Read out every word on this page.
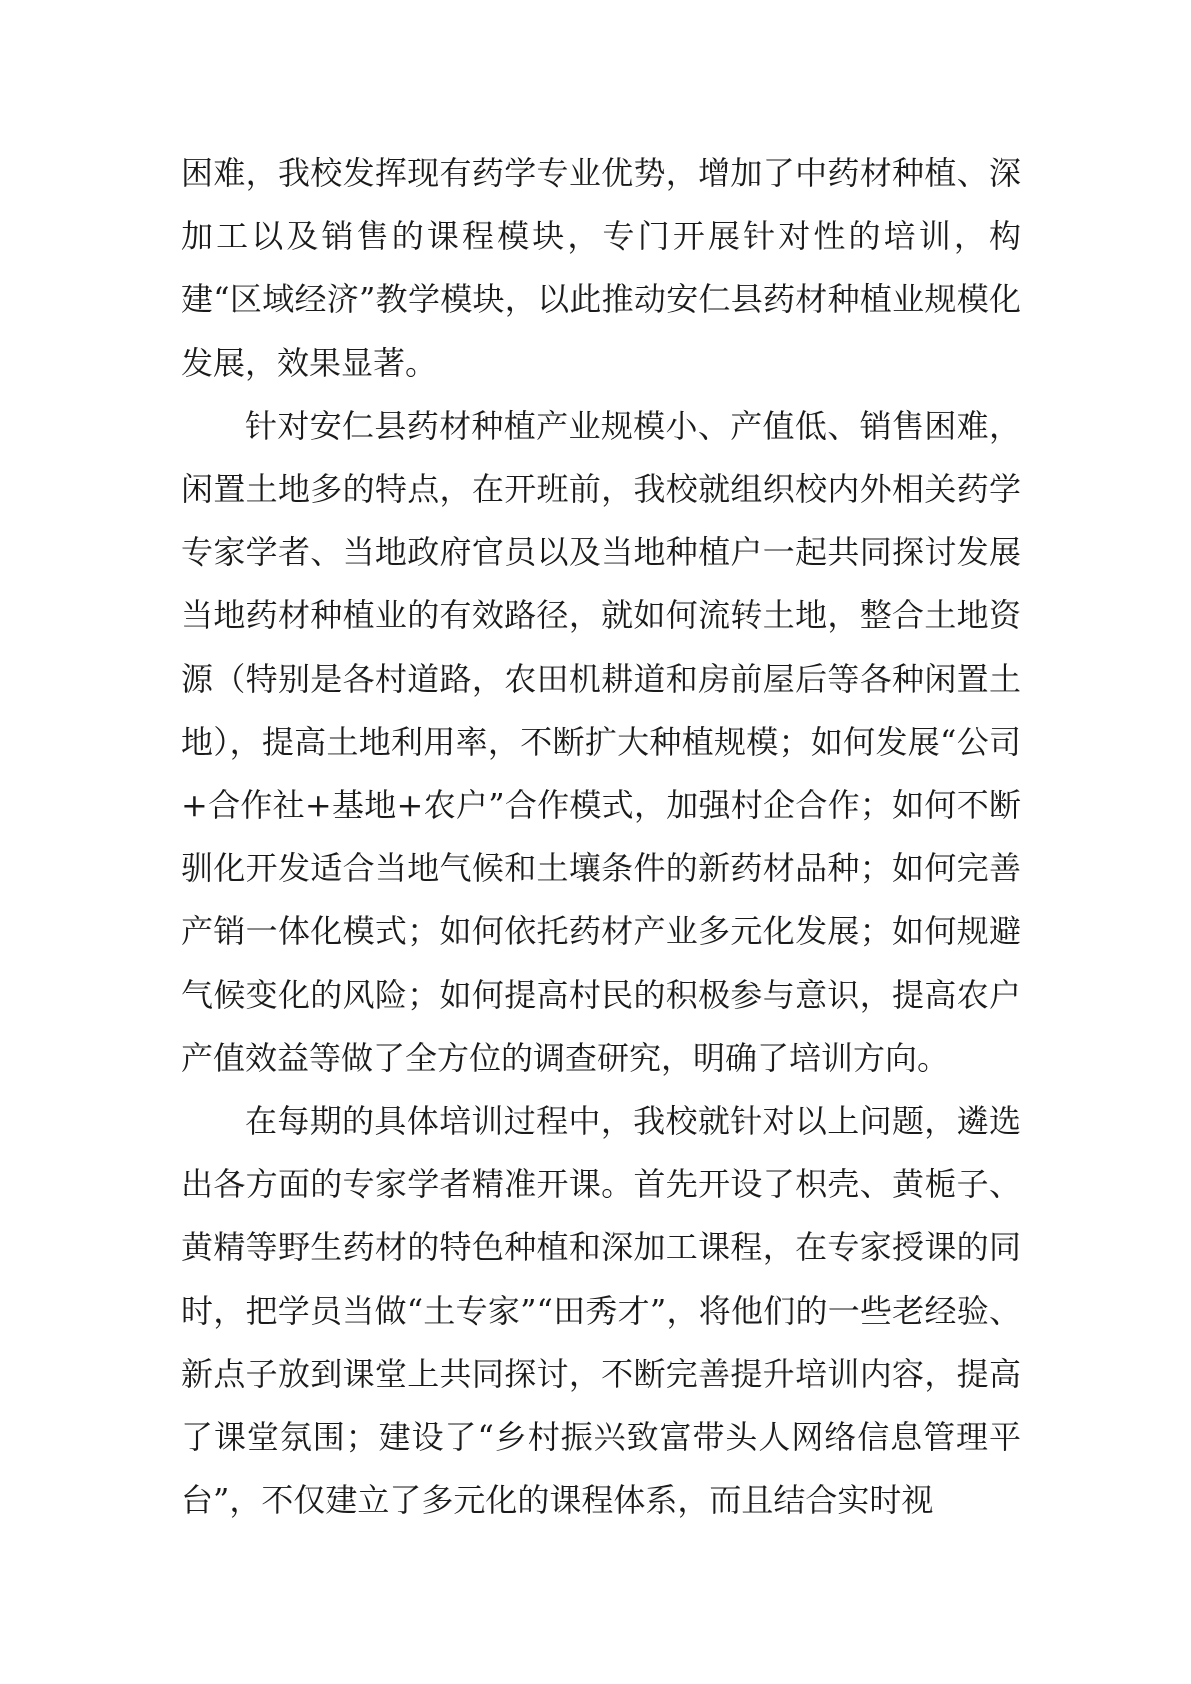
困难，我校发挥现有药学专业优势，增加了中药材种植、深加工以及销售的课程模块，专门开展针对性的培训，构建“区域经济”教学模块，以此推动安仁县药材种植业规模化发展，效果显著。

针对安仁县药材种植产业规模小、产值低、销售困难，闲置土地多的特点，在开班前，我校就组织校内外相关药学专家学者、当地政府官员以及当地种植户一起共同探讨发展当地药材种植业的有效路径，就如何流转土地，整合土地资源（特别是各村道路，农田机耕道和房前屋后等各种闲置土地），提高土地利用率，不断扩大种植规模；如何发展“公司+合作社+基地+农户”合作模式，加强村企合作；如何不断驯化开发适合当地气候和土壤条件的新药材品种；如何完善产销一体化模式；如何依托药材产业多元化发展；如何规避气候变化的风险；如何提高村民的积极参与意识，提高农户产值效益等做了全方位的调查研究，明确了培训方向。

在每期的具体培训过程中，我校就针对以上问题，遴选出各方面的专家学者精准开课。首先开设了枳壳、黄栀子、黄精等野生药材的特色种植和深加工课程，在专家授课的同时，把学员当做“土专家”“田秀才”，将他们的一些老经验、新点子放到课堂上共同探讨，不断完善提升培训内容，提高了课堂氛围；建设了“乡村振兴致富带头人网络信息管理平台”，不仅建立了多元化的课程体系，而且结合实时视
